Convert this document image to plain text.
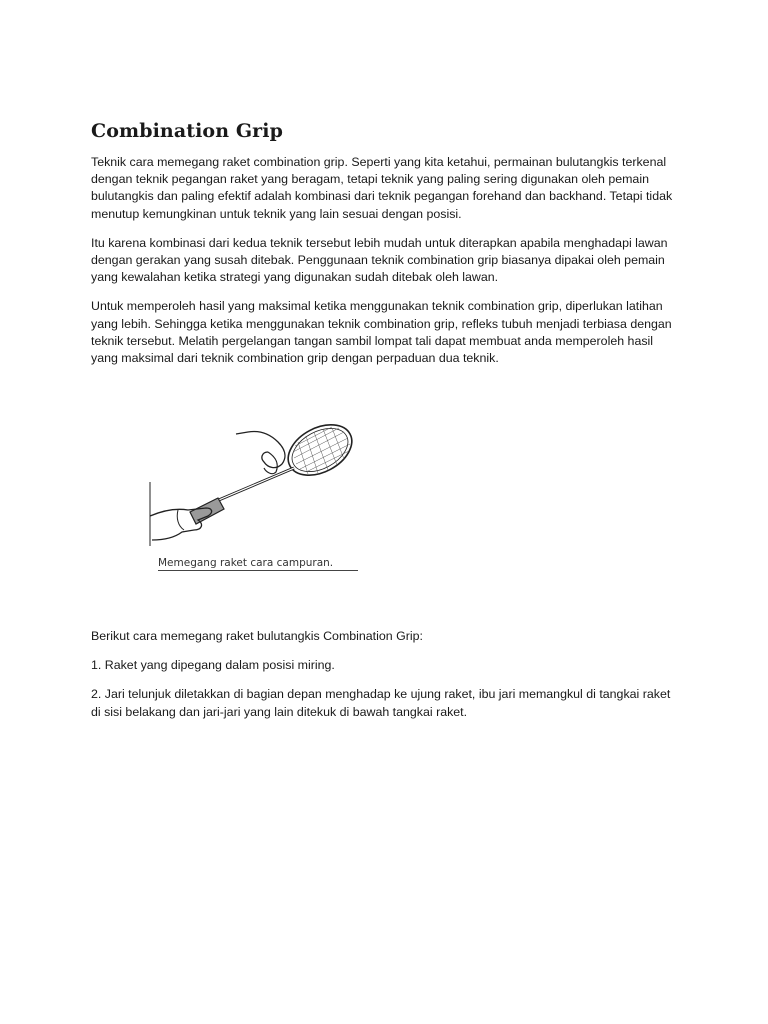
Combination Grip

Teknik cara memegang raket combination grip. Seperti yang kita ketahui, permainan bulutangkis terkenal dengan teknik pegangan raket yang beragam, tetapi teknik yang paling sering digunakan oleh pemain bulutangkis dan paling efektif adalah kombinasi dari teknik pegangan forehand dan backhand. Tetapi tidak menutup kemungkinan untuk teknik yang lain sesuai dengan posisi.

Itu karena kombinasi dari kedua teknik tersebut lebih mudah untuk diterapkan apabila menghadapi lawan dengan gerakan yang susah ditebak. Penggunaan teknik combination grip biasanya dipakai oleh pemain yang kewalahan ketika strategi yang digunakan sudah ditebak oleh lawan.

Untuk memperoleh hasil yang maksimal ketika menggunakan teknik combination grip, diperlukan latihan yang lebih. Sehingga ketika menggunakan teknik combination grip, refleks tubuh menjadi terbiasa dengan teknik tersebut. Melatih pergelangan tangan sambil lompat tali dapat membuat anda memperoleh hasil yang maksimal dari teknik combination grip dengan perpaduan dua teknik.

Memegang raket cara campuran.

Berikut cara memegang raket bulutangkis Combination Grip:

1. Raket yang dipegang dalam posisi miring.

2. Jari telunjuk diletakkan di bagian depan menghadap ke ujung raket, ibu jari memangkul di tangkai raket di sisi belakang dan jari-jari yang lain ditekuk di bawah tangkai raket.
